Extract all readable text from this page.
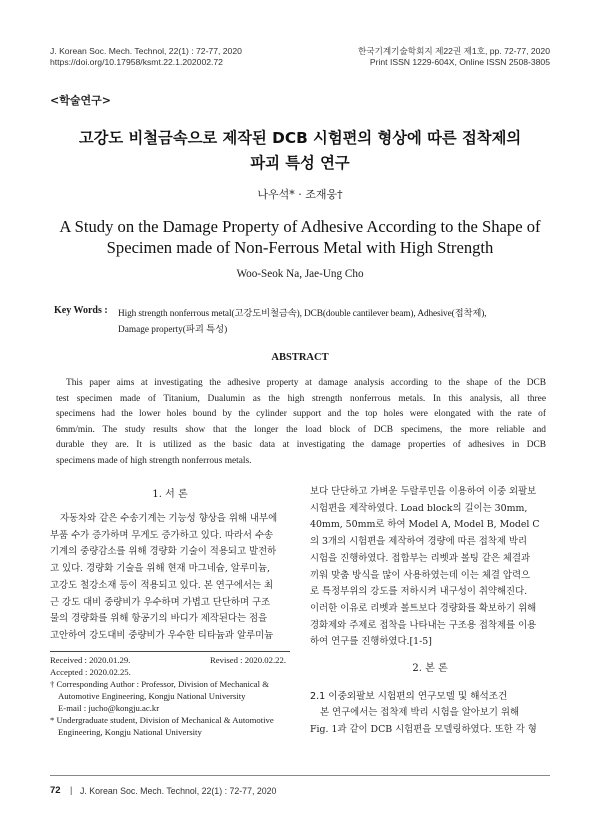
J. Korean Soc. Mech. Technol, 22(1) : 72-77, 2020
https://doi.org/10.17958/ksmt.22.1.202002.72
한국기계기술학회지 제22권 제1호, pp. 72-77, 2020
Print ISSN 1229-604X, Online ISSN 2508-3805
<학술연구>
고강도 비철금속으로 제작된 DCB 시험편의 형상에 따른 접착제의
파괴 특성 연구
나우석* · 조재웅†
A Study on the Damage Property of Adhesive According to the Shape of
Specimen made of Non-Ferrous Metal with High Strength
Woo-Seok Na, Jae-Ung Cho
Key Words : High strength nonferrous metal(고강도비철금속), DCB(double cantilever beam), Adhesive(접착제),
Damage property(파괴 특성)
ABSTRACT
This paper aims at investigating the adhesive property at damage analysis according to the shape of the DCB
test specimen made of Titanium, Dualumin as the high strength nonferrous metals. In this analysis, all three
specimens had the lower holes bound by the cylinder support and the top holes were elongated with the rate of
6mm/min. The study results show that the longer the load block of DCB specimens, the more reliable and
durable they are. It is utilized as the basic data at investigating the damage properties of adhesives in DCB
specimens made of high strength nonferrous metals.
1. 서 론
자동차와 같은 수송기계는 기능성 향상을 위해 내부에
부품 수가 증가하며 무게도 증가하고 있다. 따라서 수송
기계의 중량감소를 위해 경량화 기술이 적용되고 발전하
고 있다. 경량화 기술을 위해 현재 마그네슘, 알루미늄,
고강도 철강소재 등이 적용되고 있다. 본 연구에서는 최
근 강도 대비 중량비가 우수하며 가볍고 단단하며 구조
물의 경량화를 위해 항공기의 바디가 제작된다는 점을
고안하여 강도대비 중량비가 우수한 티타늄과 알루미늄
Received : 2020.01.29.	Revised : 2020.02.22.
Accepted : 2020.02.25.
† Corresponding Author : Professor, Division of Mechanical &
Automotive Engineering, Kongju National University
E-mail : jucho@kongju.ac.kr
* Undergraduate student, Division of Mechanical & Automotive
Engineering, Kongju National University
보다 단단하고 가벼운 두랄루민을 이용하여 이중 외팔보
시험편을 제작하였다. Load block의 길이는 30mm,
40mm, 50mm로 하여 Model A, Model B, Model C
의 3개의 시험편을 제작하여 경량에 따른 접착제 박리
시험을 진행하였다. 접합부는 리벳과 볼팅 같은 체결과
끼워 맞춤 방식을 많이 사용하였는데 이는 체결 압력으
로 특정부위의 강도를 저하시켜 내구성이 취약해진다.
이러한 이유로 리벳과 볼트보다 경량화를 확보하기 위해
경화제와 주제로 접착을 나타내는 구조용 접착제를 이용
하여 연구를 진행하였다.[1-5]
2. 본 론
2.1 이중외팔보 시험편의 연구모델 및 해석조건
본 연구에서는 접착제 박리 시험을 알아보기 위해
Fig. 1과 같이 DCB 시험편을 모델링하였다. 또한 각 형
72 | J. Korean Soc. Mech. Technol, 22(1) : 72-77, 2020
